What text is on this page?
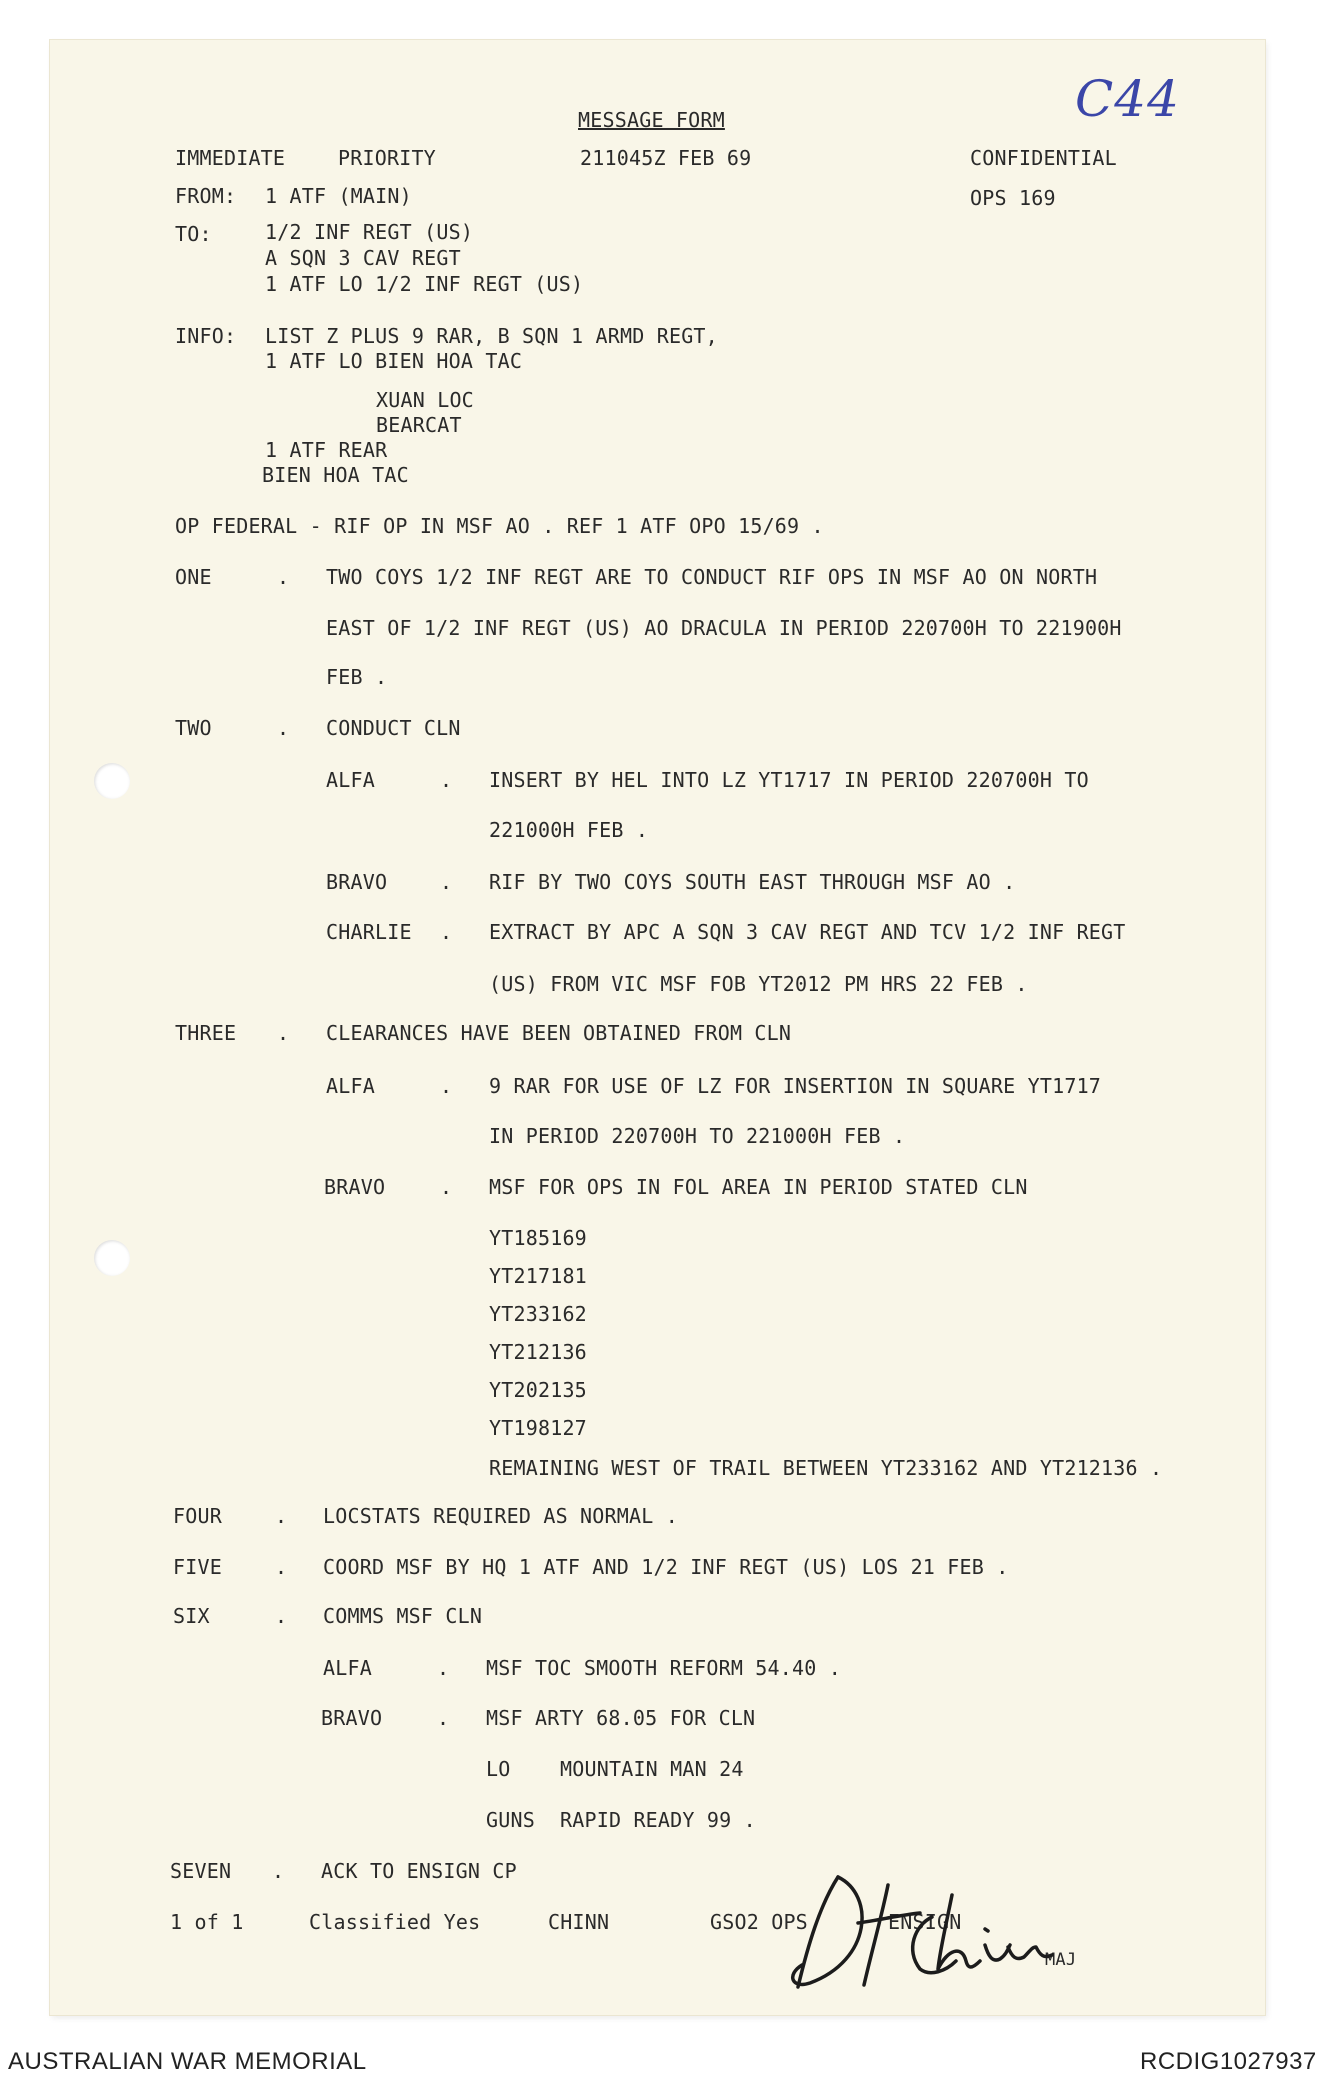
MESSAGE FORM	C44
IMMEDIATE	PRIORITY	211045Z FEB 69	CONFIDENTIAL
FROM: 1 ATF (MAIN)	OPS 169
TO:	1/2 INF REGT (US)
A SQN 3 CAV REGT
1 ATF LO 1/2 INF REGT (US)
INFO: LIST Z PLUS 9 RAR, B SQN 1 ARMD REGT,
1 ATF LO BIEN HOA TAC
XUAN LOC
BEARCAT
1 ATF REAR
BIEN HOA TAC
OP FEDERAL - RIF OP IN MSF AO . REF 1 ATF OPO 15/69 .
ONE	. TWO COYS 1/2 INF REGT ARE TO CONDUCT RIF OPS IN MSF AO ON NORTH
EAST OF 1/2 INF REGT (US) AO DRACULA IN PERIOD 220700H TO 221900H
FEB .
TWO	. CONDUCT CLN
ALFA	. INSERT BY HEL INTO LZ YT1717 IN PERIOD 220700H TO
221000H FEB .
BRAVO	. RIF BY TWO COYS SOUTH EAST THROUGH MSF AO .
CHARLIE . EXTRACT BY APC A SQN 3 CAV REGT AND TCV 1/2 INF REGT
(US) FROM VIC MSF FOB YT2012 PM HRS 22 FEB .
THREE . CLEARANCES HAVE BEEN OBTAINED FROM CLN
ALFA	. 9 RAR FOR USE OF LZ FOR INSERTION IN SQUARE YT1717
IN PERIOD 220700H TO 221000H FEB .
BRAVO	. MSF FOR OPS IN FOL AREA IN PERIOD STATED CLN
YT185169
YT217181
YT233162
YT212136
YT202135
YT198127
REMAINING WEST OF TRAIL BETWEEN YT233162 AND YT212136 .
FOUR	. LOCSTATS REQUIRED AS NORMAL .
FIVE	. COORD MSF BY HQ 1 ATF AND 1/2 INF REGT (US) LOS 21 FEB .
SIX	. COMMS MSF CLN
ALFA	. MSF TOC SMOOTH REFORM 54.40 .
BRAVO	. MSF ARTY 68.05 FOR CLN
LO MOUNTAIN MAN 24
GUNS RAPID READY 99 .
SEVEN . ACK TO ENSIGN CP
1 of 1	Classified Yes	CHINN	GSO2 OPS	ENSIGN
MAJ
AUSTRALIAN WAR MEMORIAL	RCDIG1027937
